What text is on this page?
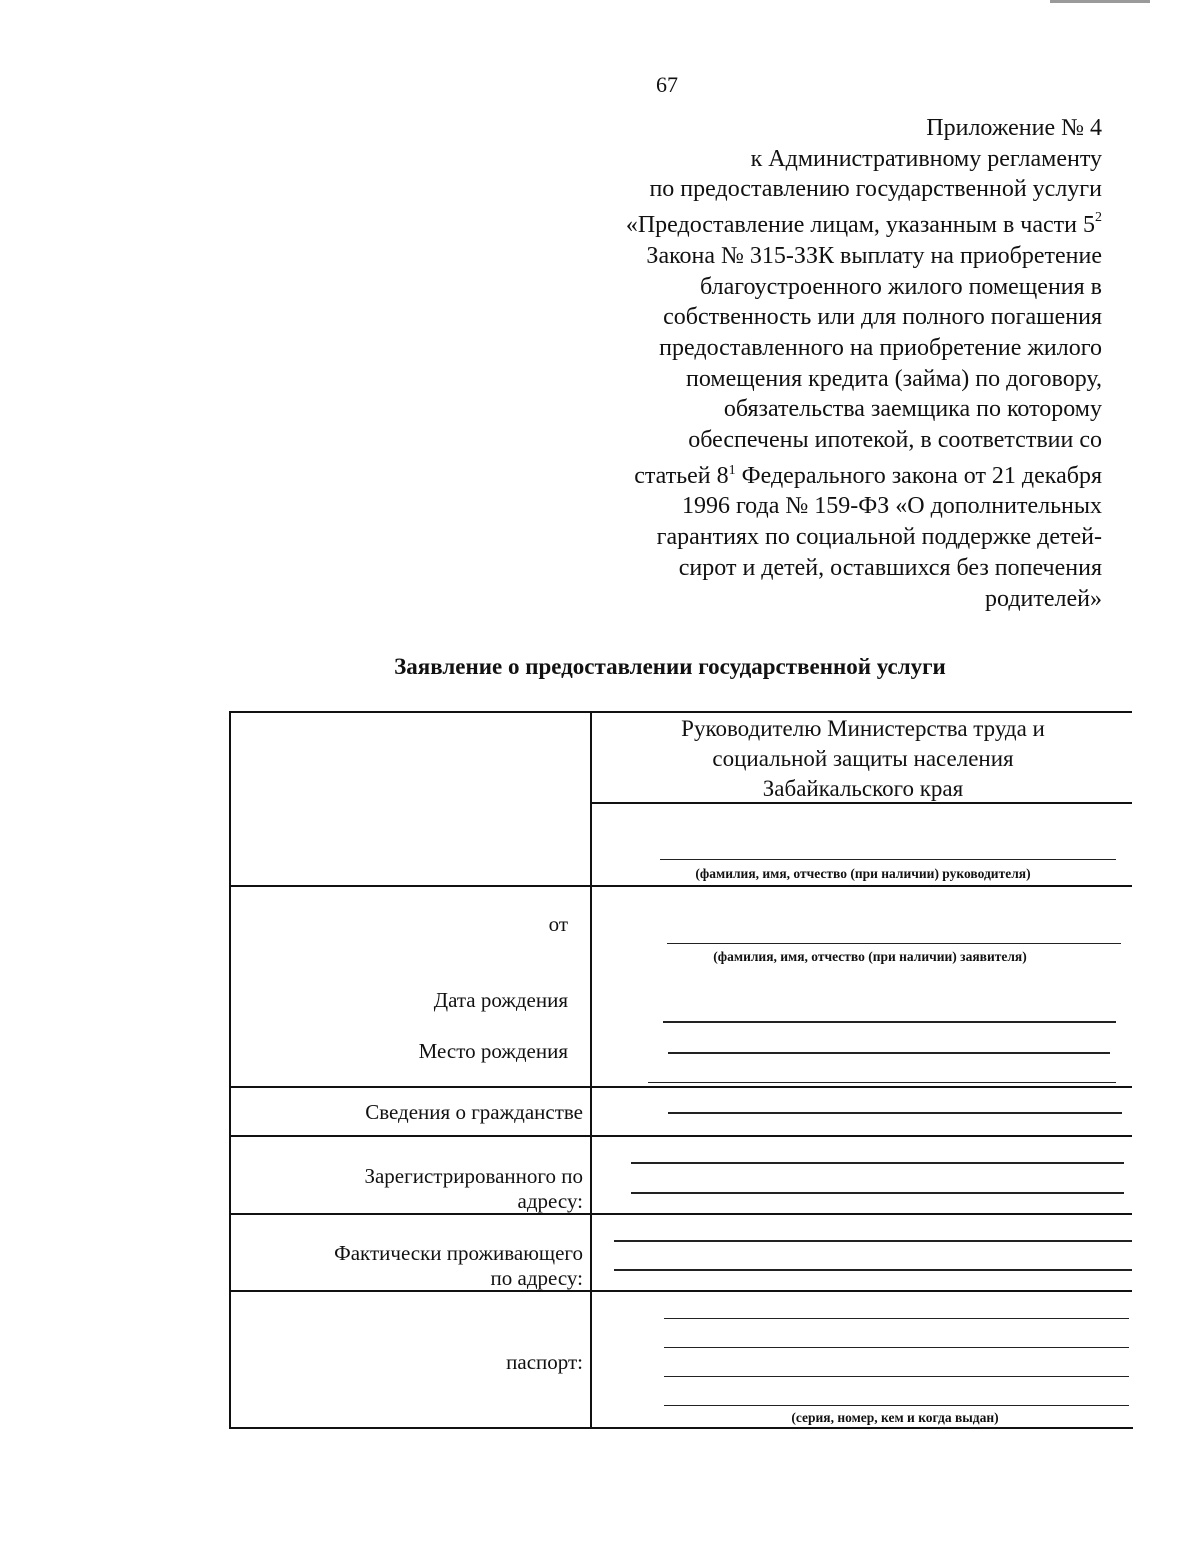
67
Приложение № 4
к Административному регламенту
по предоставлению государственной услуги
«Предоставление лицам, указанным в части $5^2$
Закона № 315-ЗЗК выплату на приобретение
благоустроенного жилого помещения в
собственность или для полного погашения
предоставленного на приобретение жилого
помещения кредита (займа) по договору,
обязательства заемщика по которому
обеспечены ипотекой, в соответствии со
статьей $8^1$ Федерального закона от 21 декабря
1996 года № 159-ФЗ «О дополнительных
гарантиях по социальной поддержке детей-
сирот и детей, оставшихся без попечения
родителей»
Заявление о предоставлении государственной услуги
Руководителю Министерства труда и
социальной защиты населения
Забайкальского края
(фамилия, имя, отчество (при наличии) руководителя)
от
(фамилия, имя, отчество (при наличии) заявителя)
Дата рождения
Место рождения
Сведения о гражданстве
Зарегистрированного по
адресу:
Фактически проживающего
по адресу:
паспорт:
(серия, номер, кем и когда выдан)
